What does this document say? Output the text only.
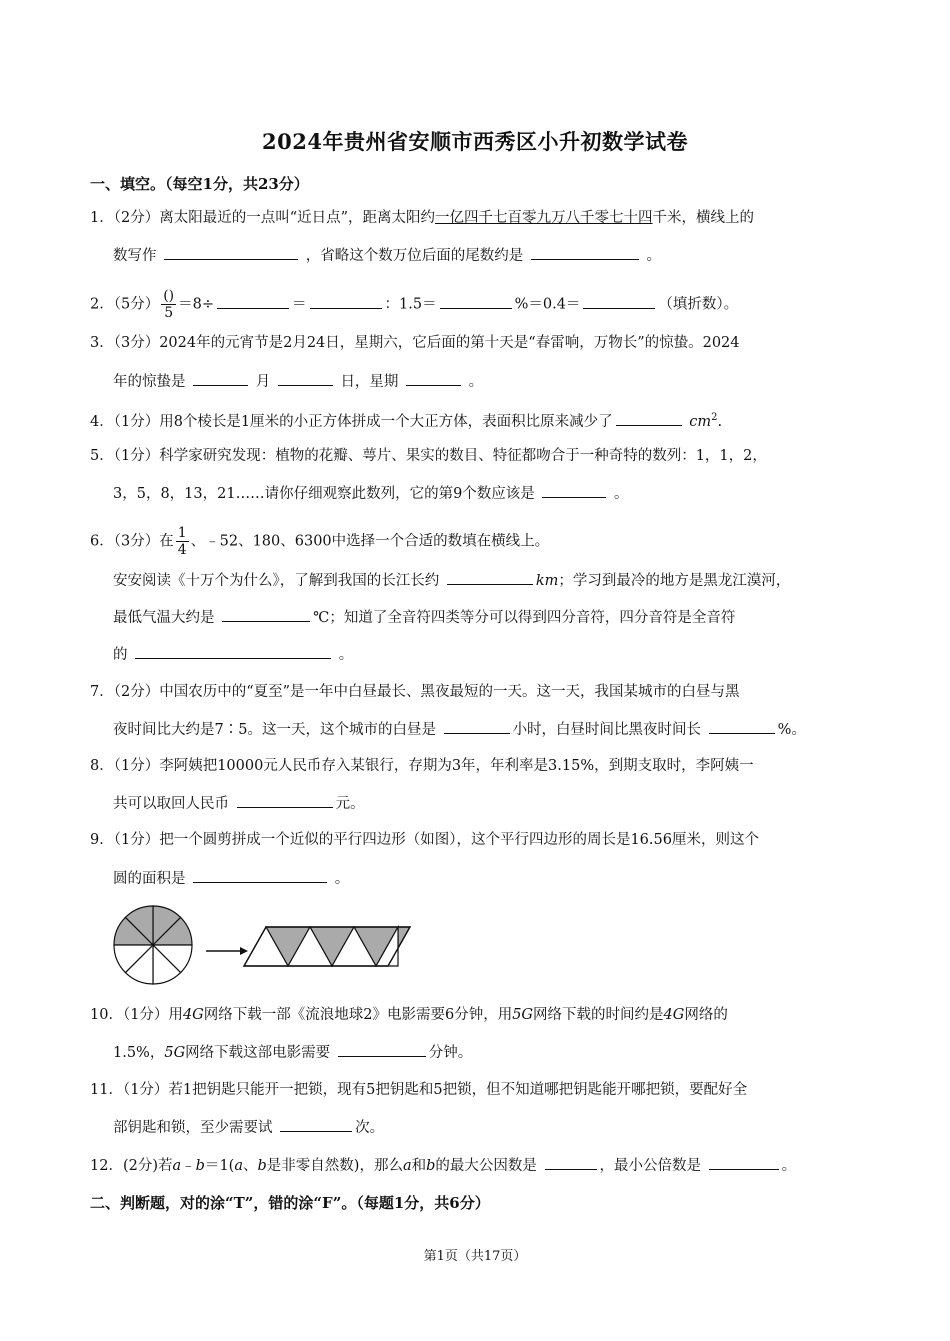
2024年贵州省安顺市西秀区小升初数学试卷
一、填空。（每空1分，共23分）
1．（2分）离太阳最近的一点叫“近日点”，距离太阳约一亿四千七百零九万八千零七十四千米，横线上的
数写作	，省略这个数万位后面的尾数约是	。
2．（5分） $\frac{()}{5} =8\div$	＝	：1.5＝	%＝0.4＝	（填折数）。
3．（3分）2024年的元宵节是2月24日，星期六，它后面的第十天是“春雷响，万物长”的惊蛰。2024
年的惊蛰是	月	日，星期	。
4．（1分）用8个棱长是1厘米的小正方体拼成一个大正方体，表面积比原来减少了	$cm^2$.
5．（1分）科学家研究发现：植物的花瓣、萼片、果实的数目、特征都吻合于一种奇特的数列：1，1，2，
3，5，8，13，21……请你仔细观察此数列，它的第9个数应该是	。
6．（3分）在 $\frac{1}{4}$ 、﹣52、180、6300中选择一个合适的数填在横线上。
安安阅读《十万个为什么》，了解到我国的长江长约	km；学习到最冷的地方是黑龙江漠河，
最低气温大约是	℃；知道了全音符四类等分可以得到四分音符，四分音符是全音符
的	。
7．（2分）中国农历中的“夏至”是一年中白昼最长、黑夜最短的一天。这一天，我国某城市的白昼与黑
夜时间比大约是7∶5。这一天，这个城市的白昼是	小时，白昼时间比黑夜时间长	%。
8．（1分）李阿姨把10000元人民币存入某银行，存期为3年，年利率是3.15%，到期支取时，李阿姨一
共可以取回人民币	元。
9．（1分）把一个圆剪拼成一个近似的平行四边形（如图），这个平行四边形的周长是16.56厘米，则这个
圆的面积是	。
10．（1分）用4G网络下载一部《流浪地球2》电影需要6分钟，用5G网络下载的时间约是4G网络的
1.5%，5G网络下载这部电影需要	分钟。
11．（1分）若1把钥匙只能开一把锁，现有5把钥匙和5把锁，但不知道哪把钥匙能开哪把锁，要配好全
部钥匙和锁，至少需要试	次。
12．(2分)若a﹣b＝1(a、b是非零自然数)，那么a和b的最大公因数是	，最小公倍数是	。
二、判断题，对的涂“T”，错的涂“F”。（每题1分，共6分）
第1页（共17页）
